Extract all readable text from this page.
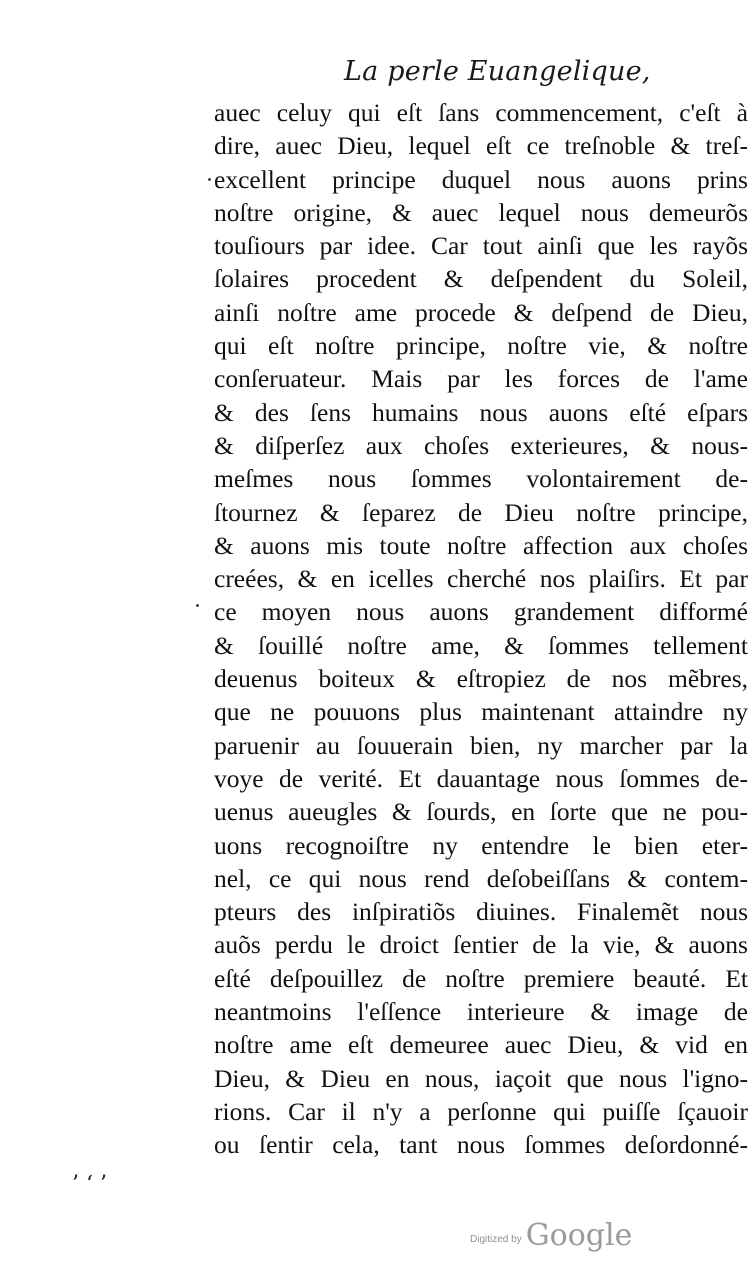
La perle Euangelique,
auec celuy qui eſt ſans commencement, c'eſt à
dire, auec Dieu, lequel eſt ce treſnoble & treſ-
excellent principe duquel nous auons prins
noſtre origine, & auec lequel nous demeurõs
touſiours par idee. Car tout ainſi que les rayõs
ſolaires procedent & deſpendent du Soleil,
ainſi noſtre ame procede & deſpend de Dieu,
qui eſt noſtre principe, noſtre vie, & noſtre
conſeruateur. Mais par les forces de l'ame
& des ſens humains nous auons eſté eſpars
& diſperſez aux choſes exterieures, & nous-
meſmes nous ſommes volontairement de-
ſtournez & ſeparez de Dieu noſtre principe,
& auons mis toute noſtre affection aux choſes
creées, & en icelles cherché nos plaiſirs. Et par
ce moyen nous auons grandement difformé
& ſouillé noſtre ame, & ſommes tellement
deuenus boiteux & eſtropiez de nos mẽbres,
que ne pouuons plus maintenant attaindre ny
paruenir au ſouuerain bien, ny marcher par la
voye de verité. Et dauantage nous ſommes de-
uenus aueugles & ſourds, en ſorte que ne pou-
uons recognoiſtre ny entendre le bien eter-
nel, ce qui nous rend deſobeiſſans & contem-
pteurs des inſpiratiõs diuines. Finalemẽt nous
auõs perdu le droict ſentier de la vie, & auons
eſté deſpouillez de noſtre premiere beauté. Et
neantmoins l'eſſence interieure & image de
noſtre ame eſt demeuree auec Dieu, & vid en
Dieu, & Dieu en nous, iaçoit que nous l'igno-
rions. Car il n'y a perſonne qui puiſſe ſçauoir
ou ſentir cela, tant nous ſommes deſordonné-
’ ‘ ’
Digitized by Google
